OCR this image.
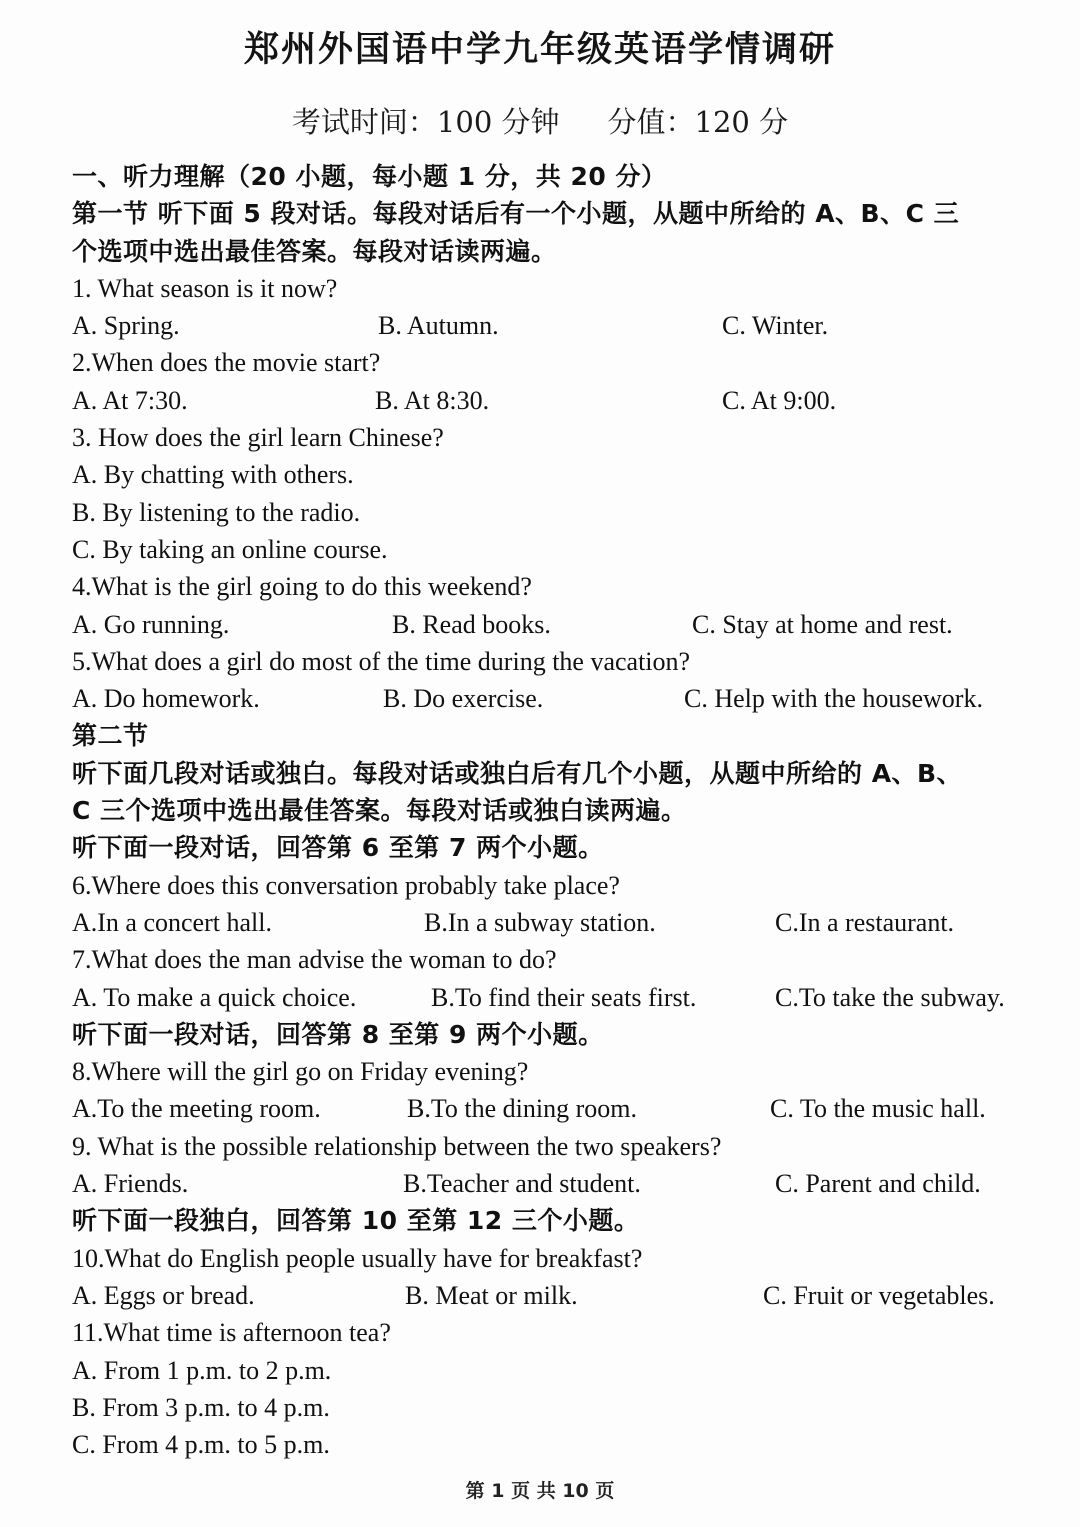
郑州外国语中学九年级英语学情调研
考试时间：100 分钟 分值：120 分
一、听力理解（20 小题，每小题 1 分，共 20 分）
第一节 听下面 5 段对话。每段对话后有一个小题，从题中所给的 A、B、C 三
个选项中选出最佳答案。每段对话读两遍。
1. What season is it now?
A. Spring.	B. Autumn.	C. Winter.
2.When does the movie start?
A. At 7:30.	B. At 8:30.	C. At 9:00.
3. How does the girl learn Chinese?
A. By chatting with others.
B. By listening to the radio.
C. By taking an online course.
4.What is the girl going to do this weekend?
A. Go running.	B. Read books.	C. Stay at home and rest.
5.What does a girl do most of the time during the vacation?
A. Do homework.	B. Do exercise.	C. Help with the housework.
第二节
听下面几段对话或独白。每段对话或独白后有几个小题，从题中所给的 A、B、
C 三个选项中选出最佳答案。每段对话或独白读两遍。
听下面一段对话，回答第 6 至第 7 两个小题。
6.Where does this conversation probably take place?
A.In a concert hall.	B.In a subway station.	C.In a restaurant.
7.What does the man advise the woman to do?
A. To make a quick choice.	B.To find their seats first.	C.To take the subway.
听下面一段对话，回答第 8 至第 9 两个小题。
8.Where will the girl go on Friday evening?
A.To the meeting room.	B.To the dining room.	C. To the music hall.
9. What is the possible relationship between the two speakers?
A. Friends.	B.Teacher and student.	C. Parent and child.
听下面一段独白，回答第 10 至第 12 三个小题。
10.What do English people usually have for breakfast?
A. Eggs or bread.	B. Meat or milk.	C. Fruit or vegetables.
11.What time is afternoon tea?
A. From 1 p.m. to 2 p.m.
B. From 3 p.m. to 4 p.m.
C. From 4 p.m. to 5 p.m.
第 1 页 共 10 页
